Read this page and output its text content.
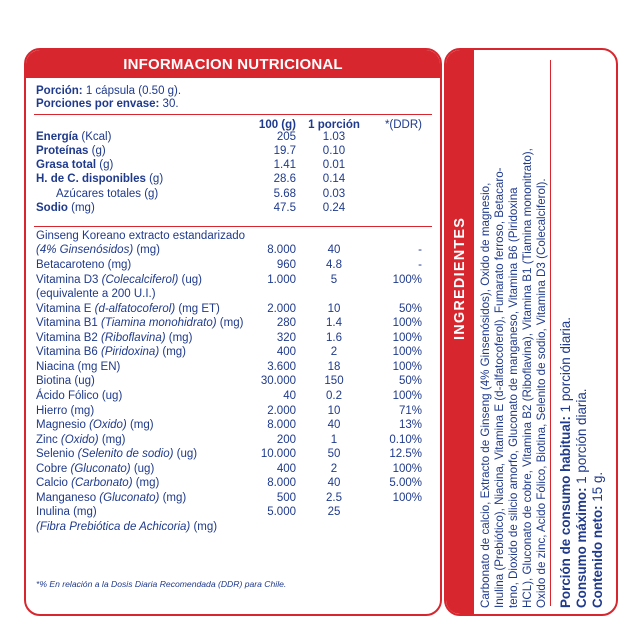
INFORMACION NUTRICIONAL
Porción: 1 cápsula (0.50 g).
Porciones por envase: 30.
100 (g)	1 porción	*(DDR)
Energía (Kcal)	205	1.03
Proteínas (g)	19.7	0.10
Grasa total (g)	1.41	0.01
H. de C. disponibles (g)	28.6	0.14
Azúcares totales (g)	5.68	0.03
Sodio (mg)	47.5	0.24
Ginseng Koreano extracto estandarizado
(4% Ginsenósidos) (mg)	8.000	40	-
Betacaroteno (mg)	960	4.8	-
Vitamina D3 (Colecalciferol) (ug)	1.000	5	100%
(equivalente a 200 U.I.)
Vitamina E (d-alfatocoferol) (mg ET)	2.000	10	50%
Vitamina B1 (Tiamina monohidrato) (mg)	280	1.4	100%
Vitamina B2 (Riboflavina) (mg)	320	1.6	100%
Vitamina B6 (Piridoxina) (mg)	400	2	100%
Niacina (mg EN)	3.600	18	100%
Biotina (ug)	30.000	150	50%
Ácido Fólico (ug)	40	0.2	100%
Hierro (mg)	2.000	10	71%
Magnesio (Oxido) (mg)	8.000	40	13%
Zinc (Oxido) (mg)	200	1	0.10%
Selenio (Selenito de sodio) (ug)	10.000	50	12.5%
Cobre (Gluconato) (ug)	400	2	100%
Calcio (Carbonato) (mg)	8.000	40	5.00%
Manganeso (Gluconato) (mg)	500	2.5	100%
Inulina (mg)	5.000	25
(Fibra Prebiótica de Achicoria) (mg)
*% En relación a la Dosis Diaria Recomendada (DDR) para Chile.
INGREDIENTES Carbonato de calcio, Extracto de Ginseng (4% Ginsenósidos), Oxido de magnesio, Inulina (Prebiótico), Niacina, Vitamina E (d-alfatocoferol), Fumarato ferroso, Betacaro- teno, Dioxido de silicio amorfo, Gluconato de manganeso, Vitamina B6 (Piridoxina HCL), Gluconato de cobre, Vitamina B2 (Riboflavina), Vitamina B1 (Tiamina mononitrato), Oxido de zinc, Acido Fólico, Biotina, Selenito de sodio, Vitamina D3 (Colecalciferol). Porción de consumo habitual: 1 porción diaria.
Consumo máximo: 1 porción diaria.
Contenido neto: 15 g.
